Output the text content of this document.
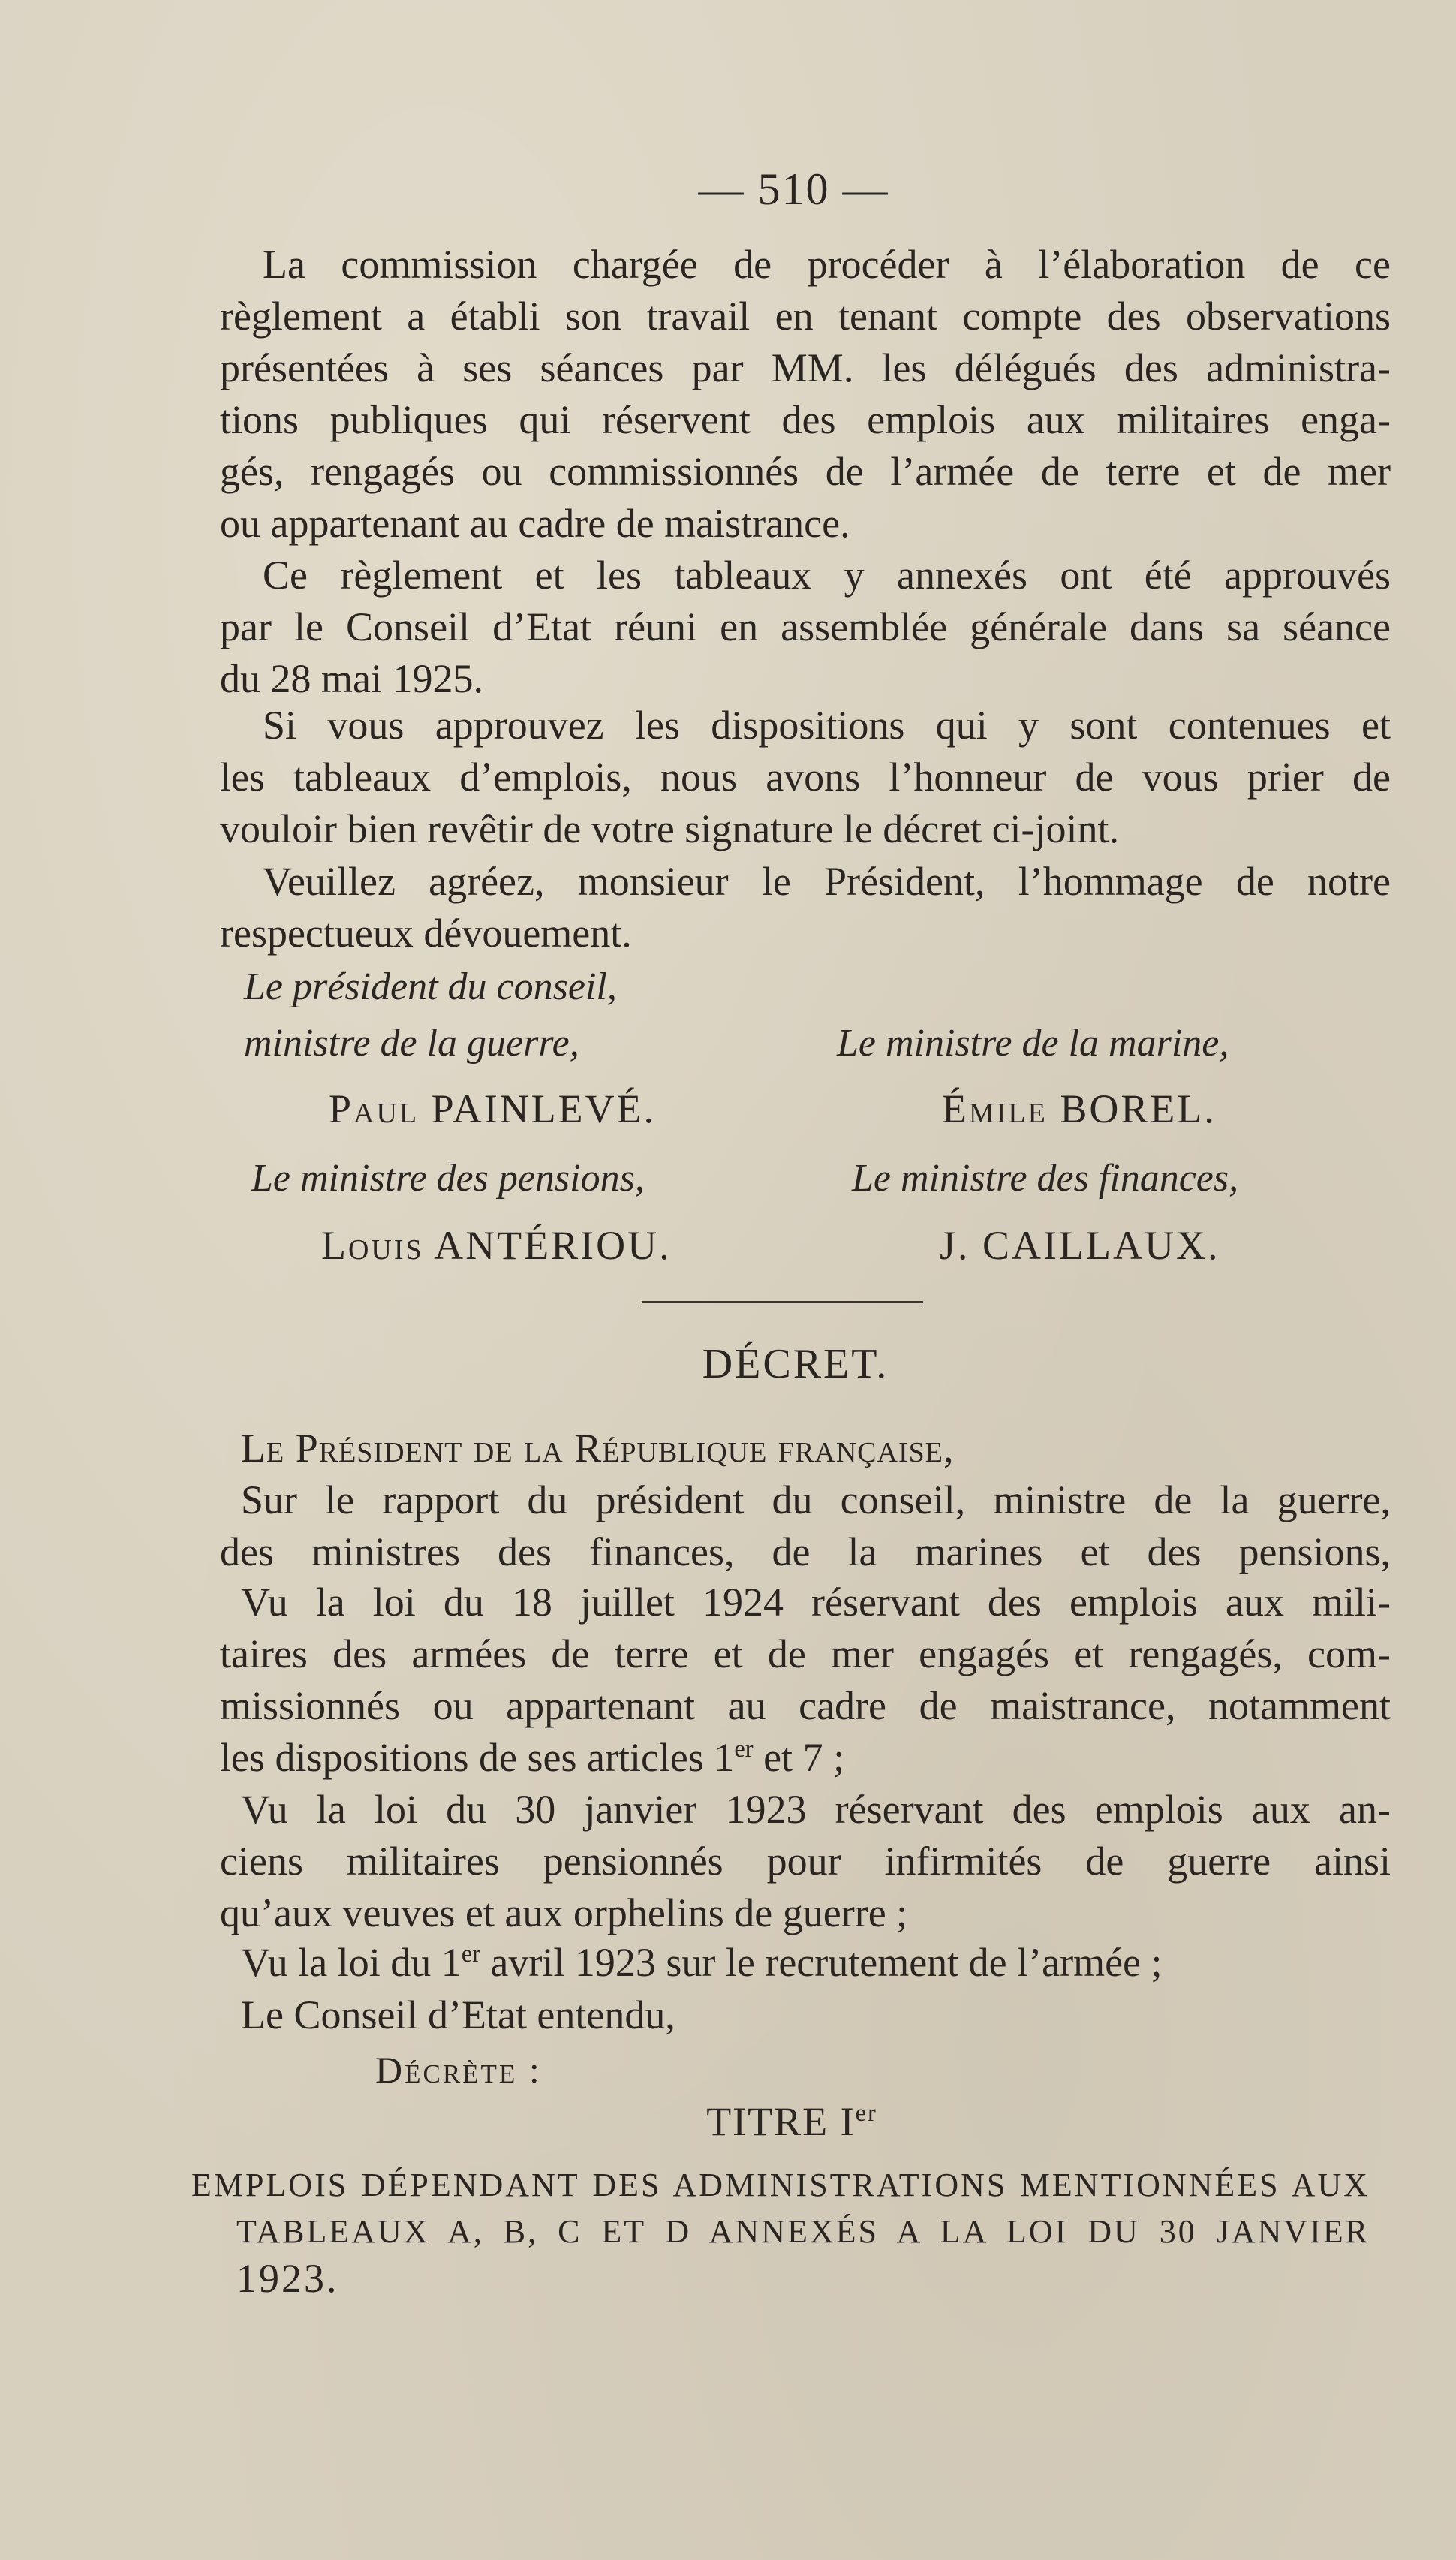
— 510 —
La commission chargée de procéder à l’élaboration de ce
règlement a établi son travail en tenant compte des observations
présentées à ses séances par MM. les délégués des administra-
tions publiques qui réservent des emplois aux militaires enga-
gés, rengagés ou commissionnés de l’armée de terre et de mer
ou appartenant au cadre de maistrance.
Ce règlement et les tableaux y annexés ont été approuvés
par le Conseil d’Etat réuni en assemblée générale dans sa séance
du 28 mai 1925.
Si vous approuvez les dispositions qui y sont contenues et
les tableaux d’emplois, nous avons l’honneur de vous prier de
vouloir bien revêtir de votre signature le décret ci-joint.
Veuillez agréez, monsieur le Président, l’hommage de notre
respectueux dévouement.
Le président du conseil,
ministre de la guerre,	Le ministre de la marine,
Paul PAINLEVÉ.	Émile BOREL.
Le ministre des pensions,	Le ministre des finances,
Louis ANTÉRIOU.	J. CAILLAUX.
DÉCRET.
Le Président de la République française,
Sur le rapport du président du conseil, ministre de la guerre,
des ministres des finances, de la marines et des pensions,
Vu la loi du 18 juillet 1924 réservant des emplois aux mili-
taires des armées de terre et de mer engagés et rengagés, com-
missionnés ou appartenant au cadre de maistrance, notamment
les dispositions de ses articles 1er et 7 ;
Vu la loi du 30 janvier 1923 réservant des emplois aux an-
ciens militaires pensionnés pour infirmités de guerre ainsi
qu’aux veuves et aux orphelins de guerre ;
Vu la loi du 1er avril 1923 sur le recrutement de l’armée ;
Le Conseil d’Etat entendu,
Décrète :
TITRE Ier
EMPLOIS DÉPENDANT DES ADMINISTRATIONS MENTIONNÉES AUX
TABLEAUX A, B, C ET D ANNEXÉS A LA LOI DU 30 JANVIER
1923.
